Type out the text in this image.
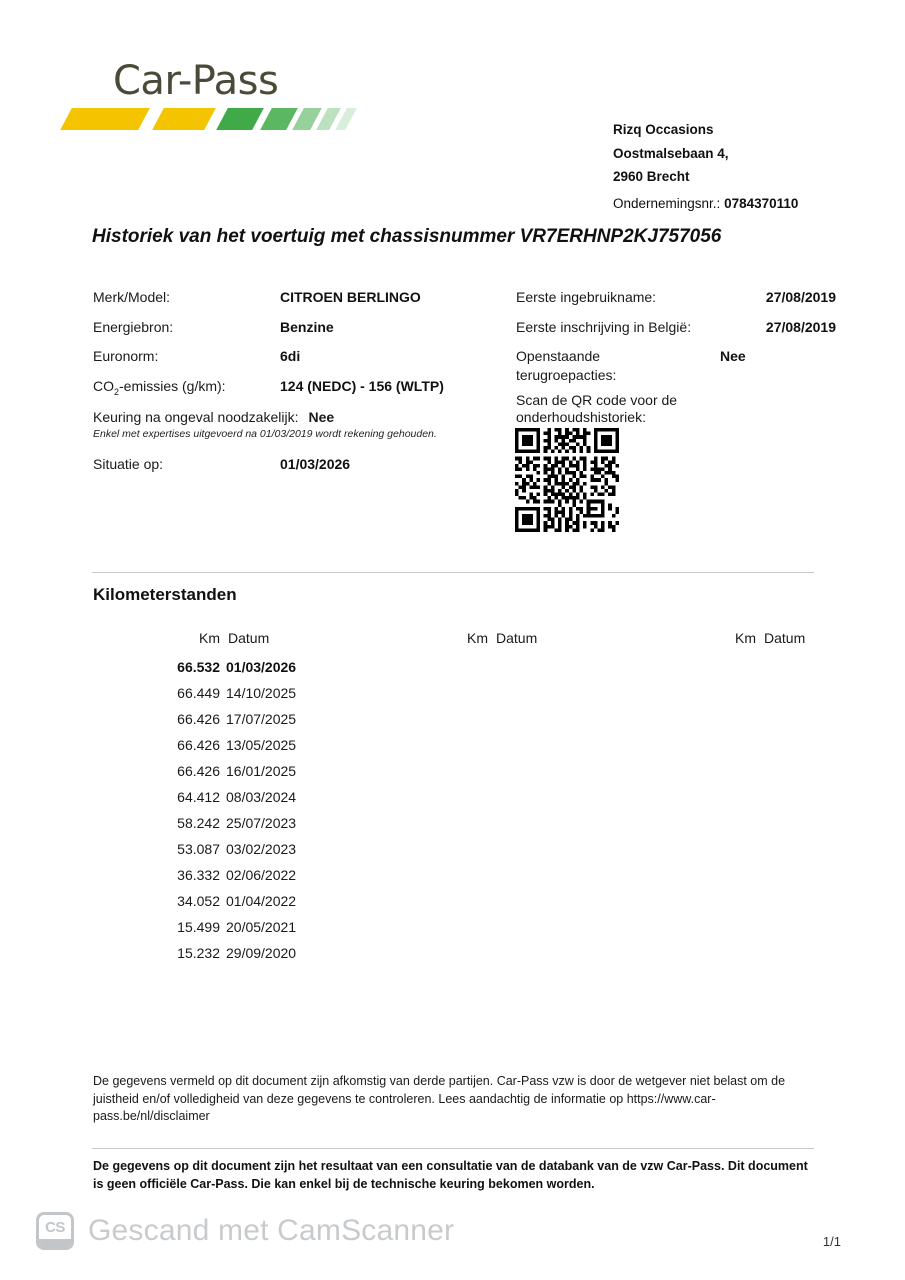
Car-Pass
Rizq Occasions
Oostmalsebaan 4,
2960 Brecht
Ondernemingsnr.: 0784370110
Historiek van het voertuig met chassisnummer VR7ERHNP2KJ757056
Merk/Model:	CITROEN BERLINGO
Energiebron:	Benzine
Euronorm:	6di
$CO_2$-emissies (g/km):	124 (NEDC) - 156 (WLTP)
Keuring na ongeval noodzakelijk: Nee
Enkel met expertises uitgevoerd na 01/03/2019 wordt rekening gehouden.
Situatie op:	01/03/2026
Eerste ingebruikname:	27/08/2019
Eerste inschrijving in België:	27/08/2019
Openstaande
terugroepacties:
Nee
Scan de QR code voor de
onderhoudshistoriek:
Kilometerstanden
Km Datum
66.532 01/03/2026
66.449 14/10/2025
66.426 17/07/2025
66.426 13/05/2025
66.426 16/01/2025
64.412 08/03/2024
58.242 25/07/2023
53.087 03/02/2023
36.332 02/06/2022
34.052 01/04/2022
15.499 20/05/2021
15.232 29/09/2020
Km Datum	Km Datum
De gegevens vermeld op dit document zijn afkomstig van derde partijen. Car-Pass vzw is door de wetgever niet belast om de juistheid en/of volledigheid van deze gegevens te controleren. Lees aandachtig de informatie op https://www.car-pass.be/nl/disclaimer
De gegevens op dit document zijn het resultaat van een consultatie van de databank van de vzw Car-Pass. Dit document is geen officiële Car-Pass. Die kan enkel bij de technische keuring bekomen worden.
CS Gescand met CamScanner	1/1
